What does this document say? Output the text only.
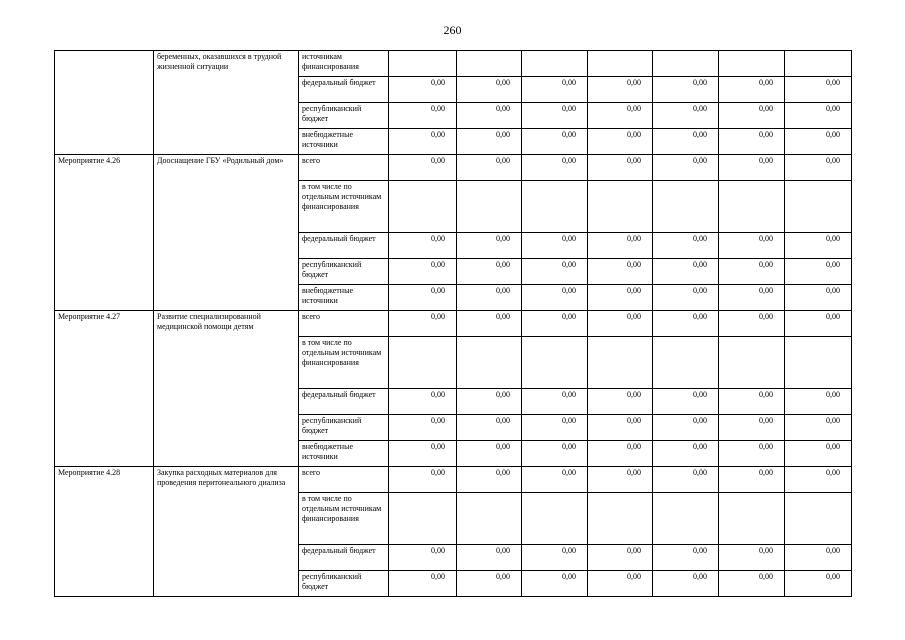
260
	беременных, оказавшихся в трудной жизненной ситуации	источникам финансирования							
		федеральный бюджет	0,00	0,00	0,00	0,00	0,00	0,00	0,00
		республиканский бюджет	0,00	0,00	0,00	0,00	0,00	0,00	0,00
		внебюджетные источники	0,00	0,00	0,00	0,00	0,00	0,00	0,00
Мероприятие 4.26	Дооснащение ГБУ «Родильный дом»	всего	0,00	0,00	0,00	0,00	0,00	0,00	0,00
		в том числе по отдельным источникам финансирования							
		федеральный бюджет	0,00	0,00	0,00	0,00	0,00	0,00	0,00
		республиканский бюджет	0,00	0,00	0,00	0,00	0,00	0,00	0,00
		внебюджетные источники	0,00	0,00	0,00	0,00	0,00	0,00	0,00
Мероприятие 4.27	Развитие специализированной медицинской помощи детям	всего	0,00	0,00	0,00	0,00	0,00	0,00	0,00
		в том числе по отдельным источникам финансирования							
		федеральный бюджет	0,00	0,00	0,00	0,00	0,00	0,00	0,00
		республиканский бюджет	0,00	0,00	0,00	0,00	0,00	0,00	0,00
		внебюджетные источники	0,00	0,00	0,00	0,00	0,00	0,00	0,00
Мероприятие 4.28	Закупка расходных материалов для проведения перитонеального диализа	всего	0,00	0,00	0,00	0,00	0,00	0,00	0,00
		в том числе по отдельным источникам финансирования							
		федеральный бюджет	0,00	0,00	0,00	0,00	0,00	0,00	0,00
		республиканский бюджет	0,00	0,00	0,00	0,00	0,00	0,00	0,00
